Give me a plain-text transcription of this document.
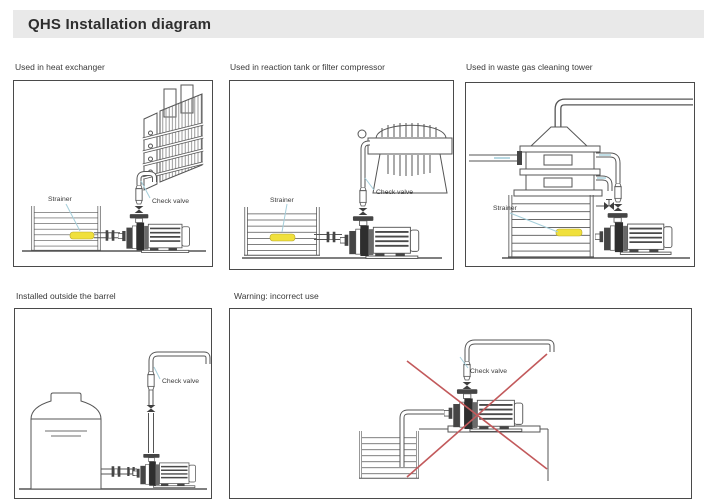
QHS Installation diagram
Used in heat exchanger	Used in reaction tank or filter compressor	Used in waste gas cleaning tower
Installed outside the barrel	Warning: incorrect use
Strainer	Check valve	Strainer
Check valve
Strainer
Check valve
Check valve
